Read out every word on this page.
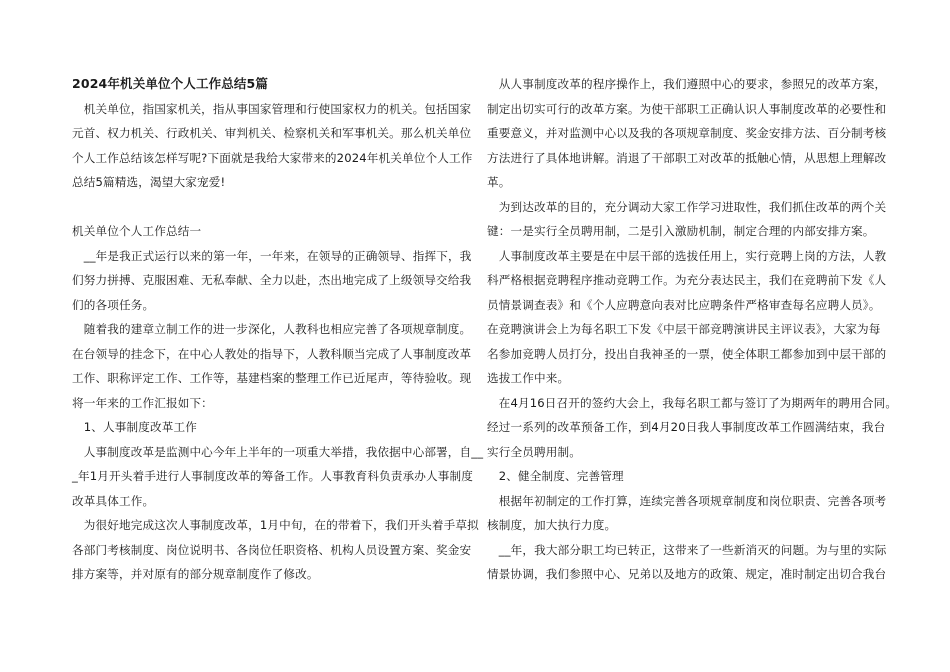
2024年机关单位个人工作总结5篇
　机关单位，指国家机关，指从事国家管理和行使国家权力的机关。包括国家
元首、权力机关、行政机关、审判机关、检察机关和军事机关。那么机关单位
个人工作总结该怎样写呢?下面就是我给大家带来的2024年机关单位个人工作
总结5篇精选，渴望大家宠爱!
机关单位个人工作总结一
　__年是我正式运行以来的第一年，一年来，在领导的正确领导、指挥下，我
们努力拼搏、克服困难、无私奉献、全力以赴，杰出地完成了上级领导交给我
们的各项任务。
　随着我的建章立制工作的进一步深化，人教科也相应完善了各项规章制度。
在台领导的挂念下，在中心人教处的指导下，人教科顺当完成了人事制度改革
工作、职称评定工作、工作等，基建档案的整理工作已近尾声，等待验收。现
将一年来的工作汇报如下：
　1、人事制度改革工作
　人事制度改革是监测中心今年上半年的一项重大举措，我依据中心部署，自__
_年1月开头着手进行人事制度改革的筹备工作。人事教育科负责承办人事制度
改革具体工作。
　为很好地完成这次人事制度改革，1月中旬，在的带着下，我们开头着手草拟
各部门考核制度、岗位说明书、各岗位任职资格、机构人员设置方案、奖金安
排方案等，并对原有的部分规章制度作了修改。
　从人事制度改革的程序操作上，我们遵照中心的要求，参照兄的改革方案，
制定出切实可行的改革方案。为使干部职工正确认识人事制度改革的必要性和
重要意义，并对监测中心以及我的各项规章制度、奖金安排方法、百分制考核
方法进行了具体地讲解。消退了干部职工对改革的抵触心情，从思想上理解改
革。
　为到达改革的目的，充分调动大家工作学习进取性，我们抓住改革的两个关
键：一是实行全员聘用制，二是引入激励机制，制定合理的内部安排方案。
　人事制度改革主要是在中层干部的选拔任用上，实行竞聘上岗的方法，人教
科严格根据竞聘程序推动竞聘工作。为充分表达民主，我们在竞聘前下发《人
员情景调查表》和《个人应聘意向表对比应聘条件严格审查每名应聘人员》。
在竞聘演讲会上为每名职工下发《中层干部竞聘演讲民主评议表》，大家为每
名参加竞聘人员打分，投出自我神圣的一票，使全体职工都参加到中层干部的
选拔工作中来。
　在4月16日召开的签约大会上，我每名职工都与签订了为期两年的聘用合同。
经过一系列的改革预备工作，到4月20日我人事制度改革工作圆满结束，我台
实行全员聘用制。
　2、健全制度、完善管理
　根据年初制定的工作打算，连续完善各项规章制度和岗位职责、完善各项考
核制度，加大执行力度。
　__年，我大部分职工均已转正，这带来了一些新消灭的问题。为与里的实际
情景协调，我们参照中心、兄弟以及地方的政策、规定，准时制定出切合我台
